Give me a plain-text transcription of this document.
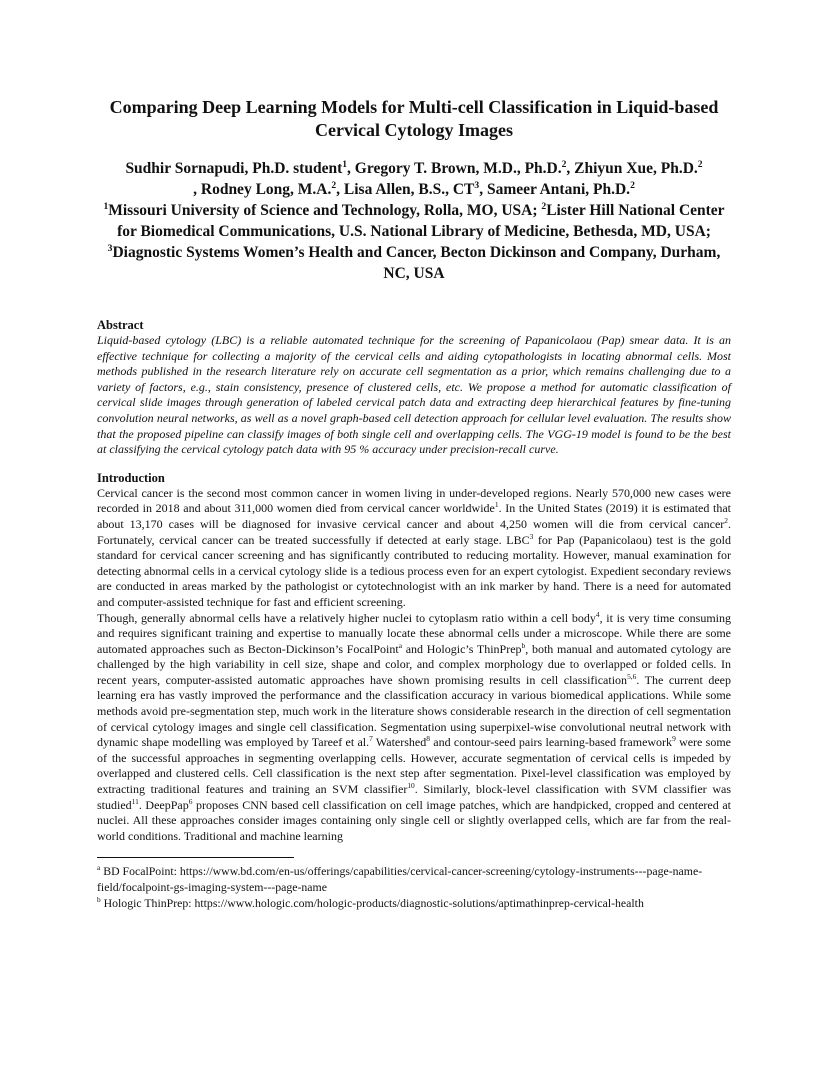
Comparing Deep Learning Models for Multi-cell Classification in Liquid-based Cervical Cytology Images
Sudhir Sornapudi, Ph.D. student$^1$, Gregory T. Brown, M.D., Ph.D.$^2$, Zhiyun Xue, Ph.D.$^2$
, Rodney Long, M.A.$^2$, Lisa Allen, B.S., $CT^3$, Sameer Antani, Ph.D.$^2$
$^1$Missouri University of Science and Technology, Rolla, MO, USA; $^2$Lister Hill National Center for Biomedical Communications, U.S. National Library of Medicine, Bethesda, MD, USA; $^3$Diagnostic Systems Women’s Health and Cancer, Becton Dickinson and Company, Durham, NC, USA
Abstract

Liquid-based cytology (LBC) is a reliable automated technique for the screening of Papanicolaou (Pap) smear data. It is an effective technique for collecting a majority of the cervical cells and aiding cytopathologists in locating abnormal cells. Most methods published in the research literature rely on accurate cell segmentation as a prior, which remains challenging due to a variety of factors, e.g., stain consistency, presence of clustered cells, etc. We propose a method for automatic classification of cervical slide images through generation of labeled cervical patch data and extracting deep hierarchical features by fine-tuning convolution neural networks, as well as a novel graph-based cell detection approach for cellular level evaluation. The results show that the proposed pipeline can classify images of both single cell and overlapping cells. The VGG-19 model is found to be the best at classifying the cervical cytology patch data with 95 % accuracy under precision-recall curve.

Introduction

Cervical cancer is the second most common cancer in women living in under-developed regions. Nearly 570,000 new cases were recorded in 2018 and about 311,000 women died from cervical cancer worldwide$^1$. In the United States (2019) it is estimated that about 13,170 cases will be diagnosed for invasive cervical cancer and about 4,250 women will die from cervical cancer$^2$. Fortunately, cervical cancer can be treated successfully if detected at early stage. LBC$^3$ for Pap (Papanicolaou) test is the gold standard for cervical cancer screening and has significantly contributed to reducing mortality. However, manual examination for detecting abnormal cells in a cervical cytology slide is a tedious process even for an expert cytologist. Expedient secondary reviews are conducted in areas marked by the pathologist or cytotechnologist with an ink marker by hand. There is a need for automated and computer-assisted technique for fast and efficient screening.

Though, generally abnormal cells have a relatively higher nuclei to cytoplasm ratio within a cell body$^4$, it is very time consuming and requires significant training and expertise to manually locate these abnormal cells under a microscope. While there are some automated approaches such as Becton-Dickinson’s FocalPoint$^a$ and Hologic’s ThinPrep$^b$, both manual and automated cytology are challenged by the high variability in cell size, shape and color, and complex morphology due to overlapped or folded cells. In recent years, computer-assisted automatic approaches have shown promising results in cell classification$^{5,6}$. The current deep learning era has vastly improved the performance and the classification accuracy in various biomedical applications. While some methods avoid pre-segmentation step, much work in the literature shows considerable research in the direction of cell segmentation of cervical cytology images and single cell classification. Segmentation using superpixel-wise convolutional neutral network with dynamic shape modelling was employed by Tareef et al.$^7$ Watershed$^8$ and contour-seed pairs learning-based framework$^9$ were some of the successful approaches in segmenting overlapping cells. However, accurate segmentation of cervical cells is impeded by overlapped and clustered cells. Cell classification is the next step after segmentation. Pixel-level classification was employed by extracting traditional features and training an SVM classifier$^{10}$. Similarly, block-level classification with SVM classifier was studied$^{11}$. DeepPap$^6$ proposes CNN based cell classification on cell image patches, which are handpicked, cropped and centered at nuclei. All these approaches consider images containing only single cell or slightly overlapped cells, which are far from the real-world conditions. Traditional and machine learning

$^a$ BD FocalPoint: https://www.bd.com/en-us/offerings/capabilities/cervical-cancer-screening/cytology-instruments---page-name-field/focalpoint-gs-imaging-system---page-name

$^b$ Hologic ThinPrep: https://www.hologic.com/hologic-products/diagnostic-solutions/aptimathinprep-cervical-health
